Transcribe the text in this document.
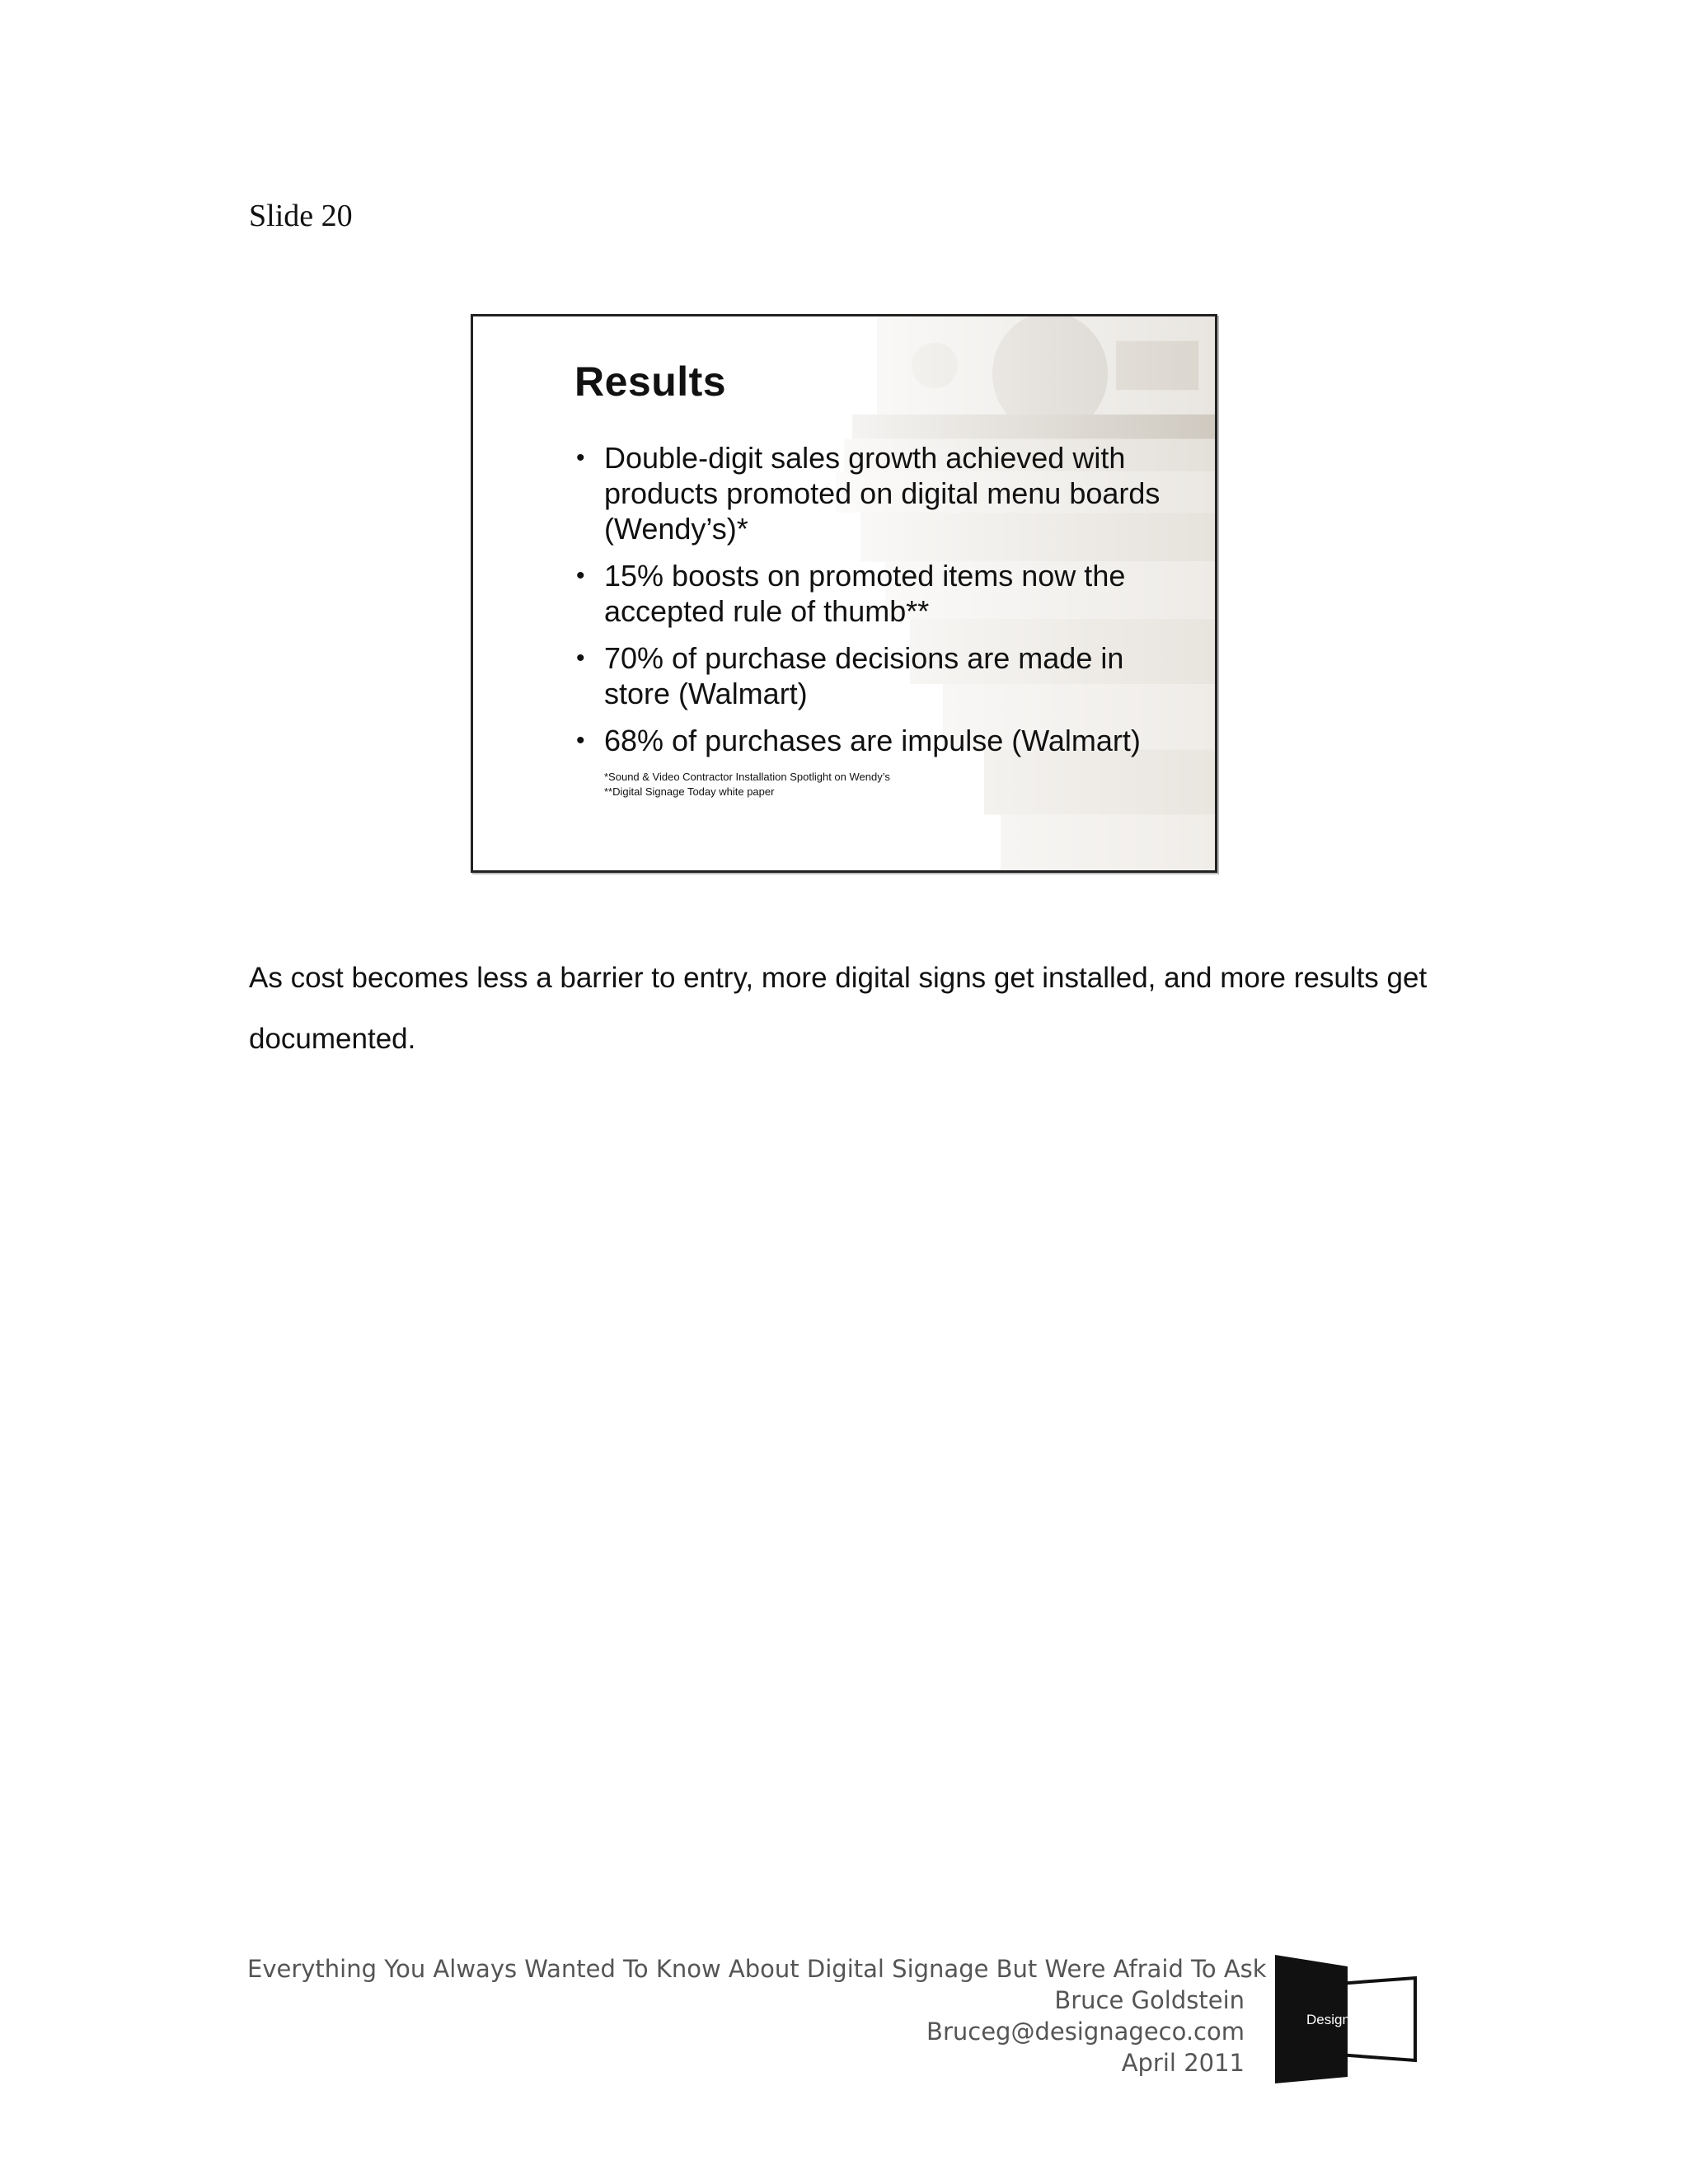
Slide 20

Results
• Double-digit sales growth achieved with products promoted on digital menu boards (Wendy’s)*
• 15% boosts on promoted items now the accepted rule of thumb**
• 70% of purchase decisions are made in store (Walmart)
• 68% of purchases are impulse (Walmart)
*Sound & Video Contractor Installation Spotlight on Wendy’s
**Digital Signage Today white paper

As cost becomes less a barrier to entry, more digital signs get installed, and more results get documented.

Everything You Always Wanted To Know About Digital Signage But Were Afraid To Ask
Bruce Goldstein
Bruceg@designageco.com
April 2011
Designage
